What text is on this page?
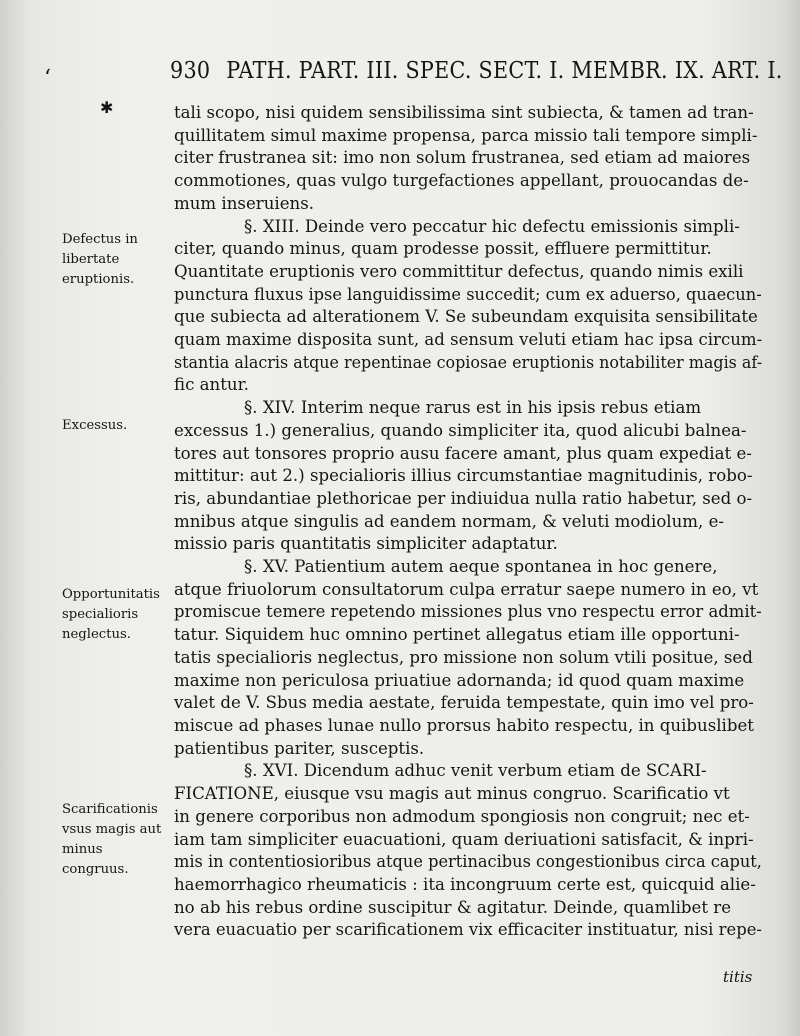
ʻ	930 PATH. PART. III. SPEC. SECT. I. MEMBR. IX. ART. I.
✱

Defectus in libertate eruptionis.
Excessus.
Opportunitatis specialioris neglectus.
Scarificationis vsus magis aut minus congruus.
tali scopo, nisi quidem sensibilissima sint subiecta, & tamen ad tran-
quillitatem simul maxime propensa, parca missio tali tempore simpli-
citer frustranea sit: imo non solum frustranea, sed etiam ad maiores
commotiones, quas vulgo turgefactiones appellant, prouocandas de-
mum inseruiens.
§. XIII. Deinde vero peccatur hic defectu emissionis simpli-
citer, quando minus, quam prodesse possit, effluere permittitur.
Quantitate eruptionis vero committitur defectus, quando nimis exili
punctura fluxus ipse languidissime succedit; cum ex aduerso, quaecun-
que subiecta ad alterationem V. Se subeundam exquisita sensibilitate
quam maxime disposita sunt, ad sensum veluti etiam hac ipsa circum-
stantia alacris atque repentinae copiosae eruptionis notabiliter magis af-
fic antur.
§. XIV. Interim neque rarus est in his ipsis rebus etiam
excessus 1.) generalius, quando simpliciter ita, quod alicubi balnea-
tores aut tonsores proprio ausu facere amant, plus quam expediat e-
mittitur: aut 2.) specialioris illius circumstantiae magnitudinis, robo-
ris, abundantiae plethoricae per indiuidua nulla ratio habetur, sed o-
mnibus atque singulis ad eandem normam, & veluti modiolum, e-
missio paris quantitatis simpliciter adaptatur.
§. XV. Patientium autem aeque spontanea in hoc genere,
atque friuolorum consultatorum culpa erratur saepe numero in eo, vt
promiscue temere repetendo missiones plus vno respectu error admit-
tatur. Siquidem huc omnino pertinet allegatus etiam ille opportuni-
tatis specialioris neglectus, pro missione non solum vtili positue, sed
maxime non periculosa priuatiue adornanda; id quod quam maxime
valet de V. Sbus media aestate, feruida tempestate, quin imo vel pro-
miscue ad phases lunae nullo prorsus habito respectu, in quibuslibet
patientibus pariter, susceptis.
§. XVI. Dicendum adhuc venit verbum etiam de SCARI-
FICATIONE, eiusque vsu magis aut minus congruo. Scarificatio vt
in genere corporibus non admodum spongiosis non congruit; nec et-
iam tam simpliciter euacuationi, quam deriuationi satisfacit, & inpri-
mis in contentiosioribus atque pertinacibus congestionibus circa caput,
haemorrhagico rheumaticis : ita incongruum certe est, quicquid alie-
no ab his rebus ordine suscipitur & agitatur. Deinde, quamlibet re
vera euacuatio per scarificationem vix efficaciter instituatur, nisi repe-
titis
